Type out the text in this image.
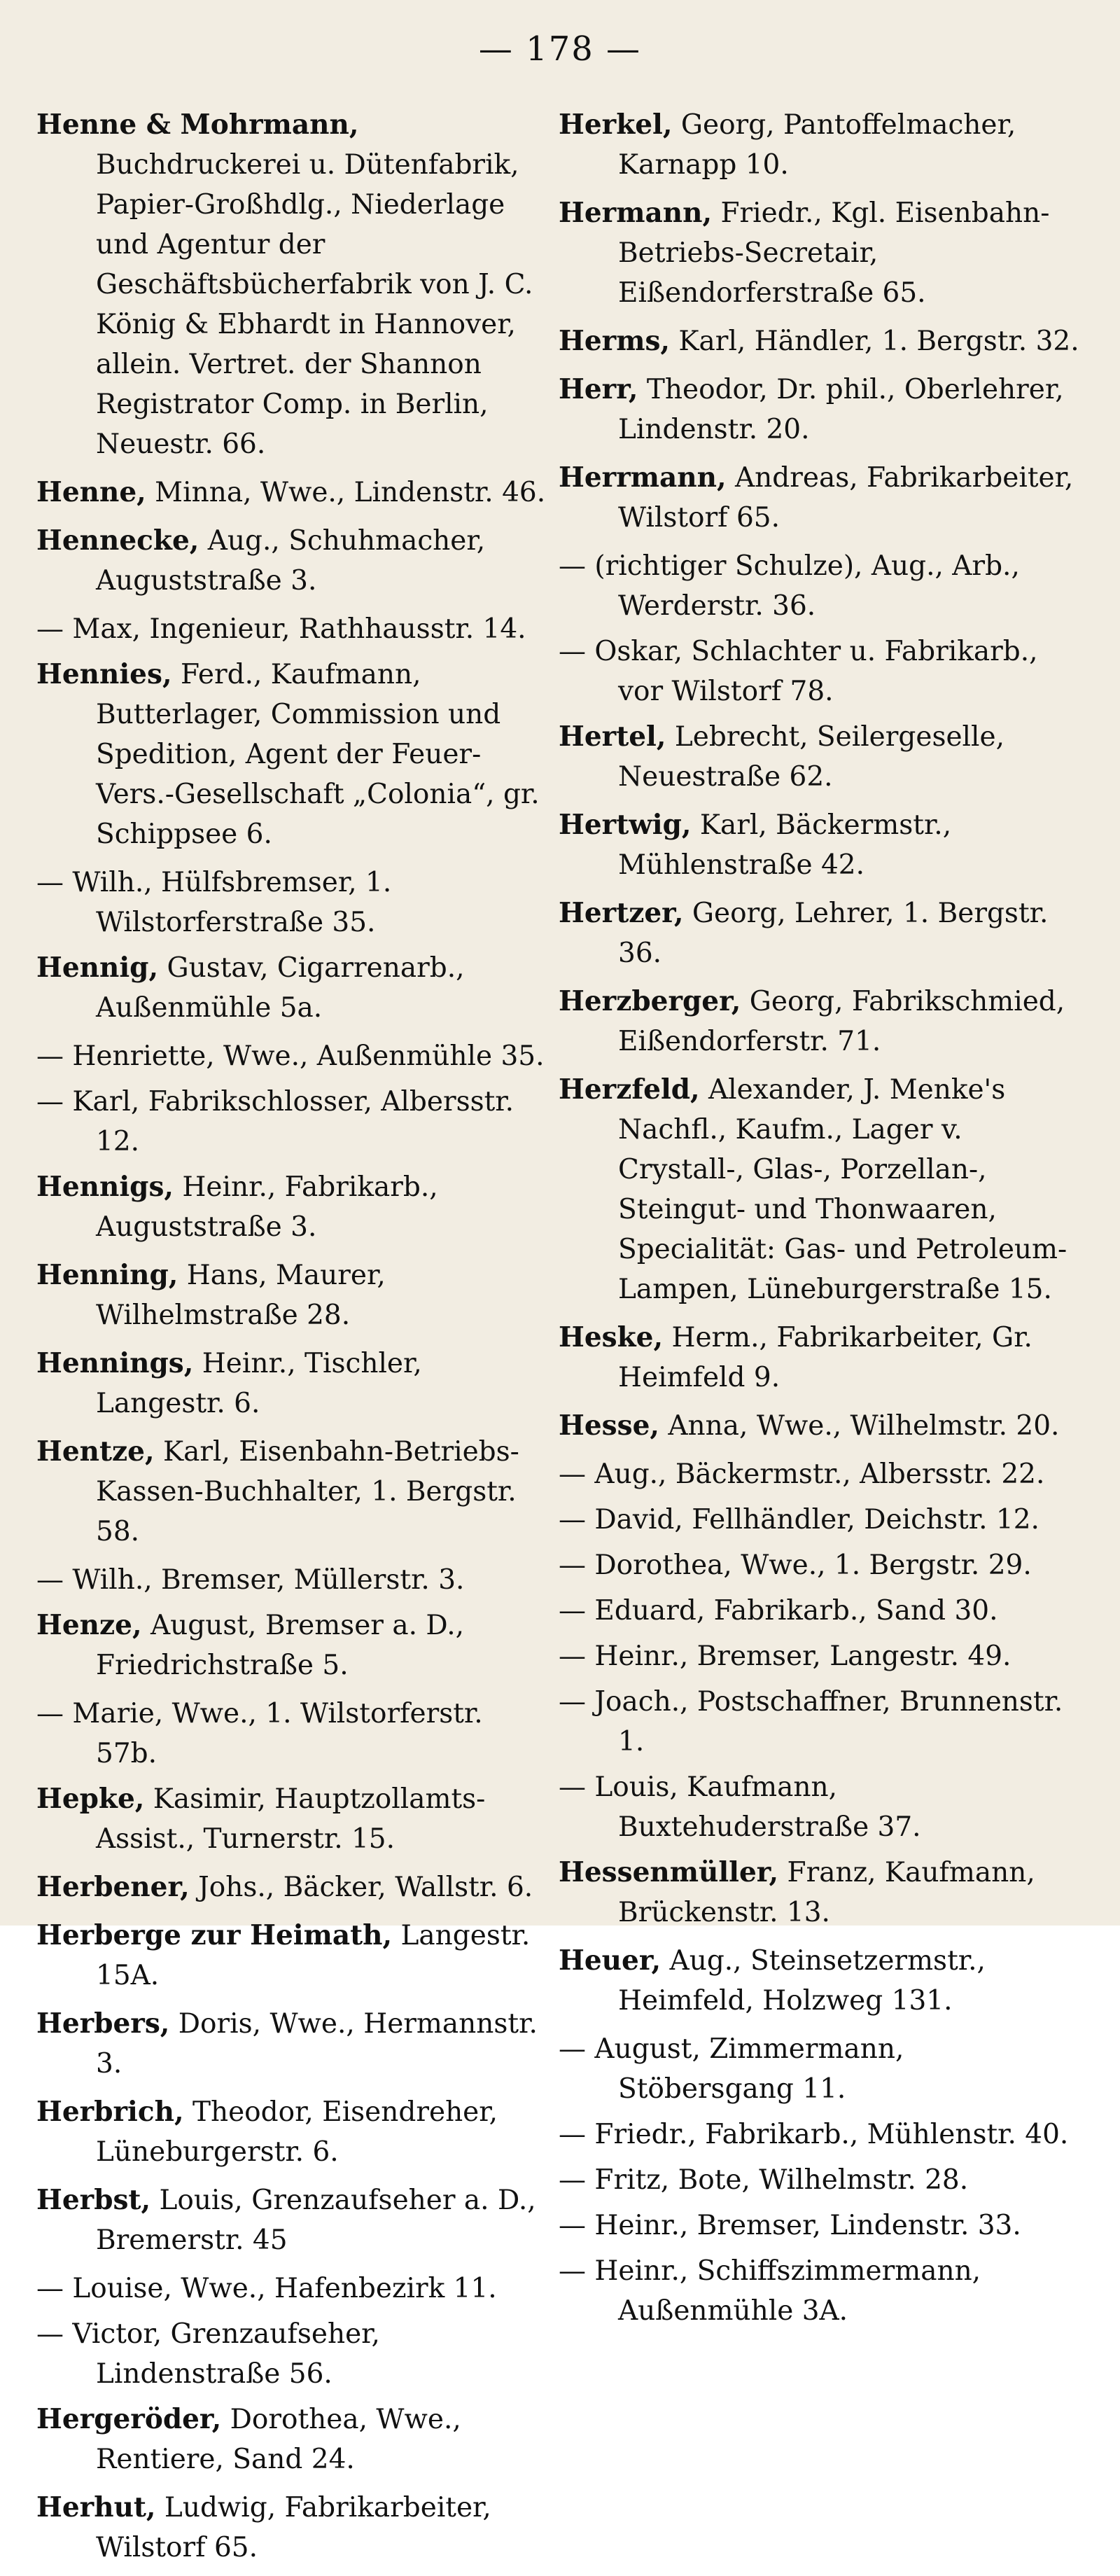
— 178 —
Henne & Mohrmann, Buchdruckerei u. Dütenfabrik, Papier-Großhdlg., Niederlage und Agentur der Geschäftsbücherfabrik von J. C. König & Ebhardt in Hannover, allein. Vertret. der Shannon Registrator Comp. in Berlin, Neuestr. 66.
Henne, Minna, Wwe., Lindenstr. 46.
Hennecke, Aug., Schuhmacher, Auguststraße 3.
— Max, Ingenieur, Rathhausstr. 14.
Hennies, Ferd., Kaufmann, Butterlager, Commission und Spedition, Agent der Feuer-Vers.-Gesellschaft „Colonia“, gr. Schippsee 6.
— Wilh., Hülfsbremser, 1. Wilstorferstraße 35.
Hennig, Gustav, Cigarrenarb., Außenmühle 5a.
— Henriette, Wwe., Außenmühle 35.
— Karl, Fabrikschlosser, Albersstr. 12.
Hennigs, Heinr., Fabrikarb., Auguststraße 3.
Henning, Hans, Maurer, Wilhelmstraße 28.
Hennings, Heinr., Tischler, Langestr. 6.
Hentze, Karl, Eisenbahn-Betriebs-Kassen-Buchhalter, 1. Bergstr. 58.
— Wilh., Bremser, Müllerstr. 3.
Henze, August, Bremser a. D., Friedrichstraße 5.
— Marie, Wwe., 1. Wilstorferstr. 57b.
Hepke, Kasimir, Hauptzollamts-Assist., Turnerstr. 15.
Herbener, Johs., Bäcker, Wallstr. 6.
Herberge zur Heimath, Langestr. 15A.
Herbers, Doris, Wwe., Hermannstr. 3.
Herbrich, Theodor, Eisendreher, Lüneburgerstr. 6.
Herbst, Louis, Grenzaufseher a. D., Bremerstr. 45
— Louise, Wwe., Hafenbezirk 11.
— Victor, Grenzaufseher, Lindenstraße 56.
Hergeröder, Dorothea, Wwe., Rentiere, Sand 24.
Herhut, Ludwig, Fabrikarbeiter, Wilstorf 65.
Herkel, Georg, Pantoffelmacher, Karnapp 10.
Hermann, Friedr., Kgl. Eisenbahn-Betriebs-Secretair, Eißendorferstraße 65.
Herms, Karl, Händler, 1. Bergstr. 32.
Herr, Theodor, Dr. phil., Oberlehrer, Lindenstr. 20.
Herrmann, Andreas, Fabrikarbeiter, Wilstorf 65.
— (richtiger Schulze), Aug., Arb., Werderstr. 36.
— Oskar, Schlachter u. Fabrikarb., vor Wilstorf 78.
Hertel, Lebrecht, Seilergeselle, Neuestraße 62.
Hertwig, Karl, Bäckermstr., Mühlenstraße 42.
Hertzer, Georg, Lehrer, 1. Bergstr. 36.
Herzberger, Georg, Fabrikschmied, Eißendorferstr. 71.
Herzfeld, Alexander, J. Menke's Nachfl., Kaufm., Lager v. Crystall-, Glas-, Porzellan-, Steingut- und Thonwaaren, Specialität: Gas- und Petroleum-Lampen, Lüneburgerstraße 15.
Heske, Herm., Fabrikarbeiter, Gr. Heimfeld 9.
Hesse, Anna, Wwe., Wilhelmstr. 20.
— Aug., Bäckermstr., Albersstr. 22.
— David, Fellhändler, Deichstr. 12.
— Dorothea, Wwe., 1. Bergstr. 29.
— Eduard, Fabrikarb., Sand 30.
— Heinr., Bremser, Langestr. 49.
— Joach., Postschaffner, Brunnenstr. 1.
— Louis, Kaufmann, Buxtehuderstraße 37.
Hessenmüller, Franz, Kaufmann, Brückenstr. 13.
Heuer, Aug., Steinsetzermstr., Heimfeld, Holzweg 131.
— August, Zimmermann, Stöbersgang 11.
— Friedr., Fabrikarb., Mühlenstr. 40.
— Fritz, Bote, Wilhelmstr. 28.
— Heinr., Bremser, Lindenstr. 33.
— Heinr., Schiffszimmermann, Außenmühle 3A.
